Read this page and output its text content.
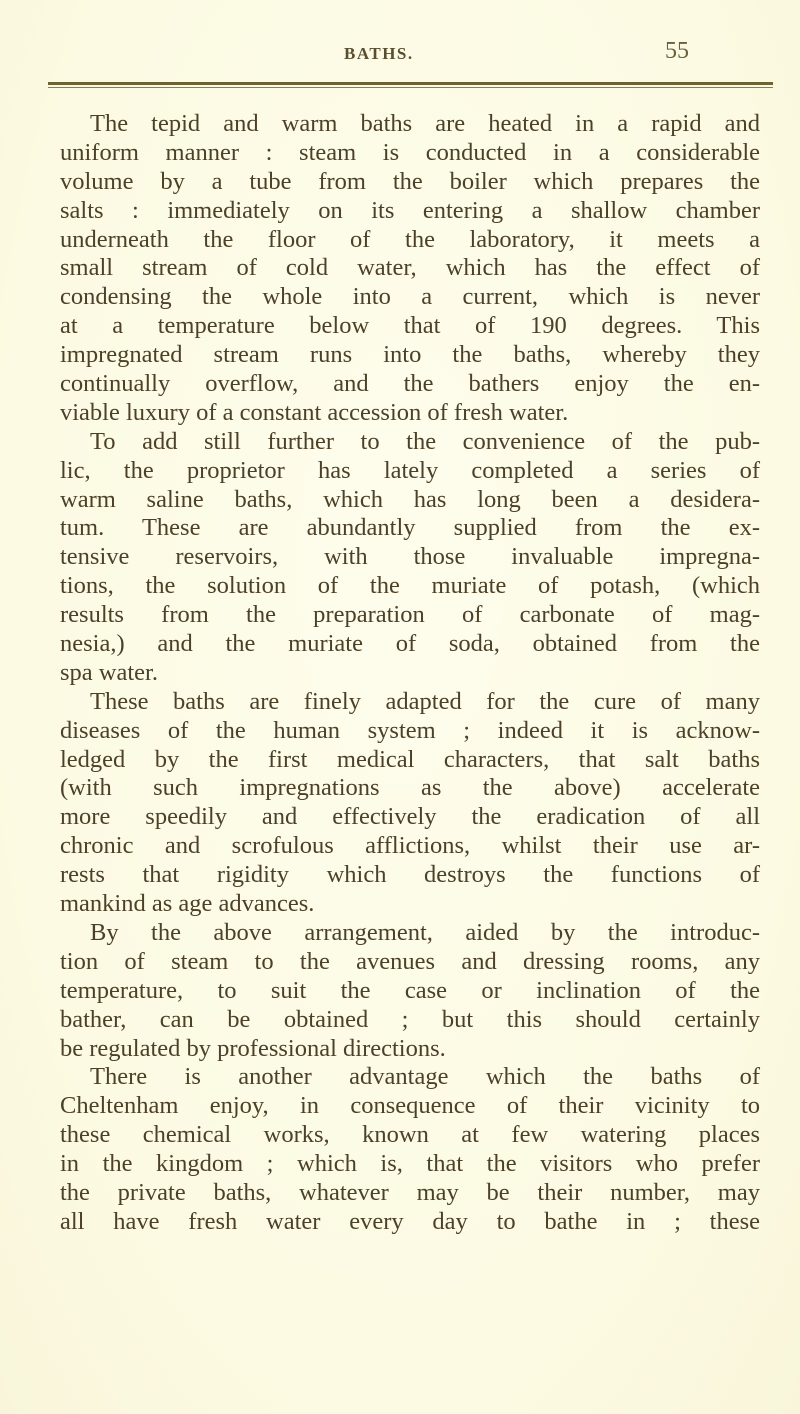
BATHS.	55
The tepid and warm baths are heated in a rapid and
uniform manner : steam is conducted in a considerable
volume by a tube from the boiler which prepares the
salts : immediately on its entering a shallow chamber
underneath the floor of the laboratory, it meets a
small stream of cold water, which has the effect of
condensing the whole into a current, which is never
at a temperature below that of 190 degrees. This
impregnated stream runs into the baths, whereby they
continually overflow, and the bathers enjoy the en-
viable luxury of a constant accession of fresh water.
To add still further to the convenience of the pub-
lic, the proprietor has lately completed a series of
warm saline baths, which has long been a desidera-
tum. These are abundantly supplied from the ex-
tensive reservoirs, with those invaluable impregna-
tions, the solution of the muriate of potash, (which
results from the preparation of carbonate of mag-
nesia,) and the muriate of soda, obtained from the
spa water.
These baths are finely adapted for the cure of many
diseases of the human system ; indeed it is acknow-
ledged by the first medical characters, that salt baths
(with such impregnations as the above) accelerate
more speedily and effectively the eradication of all
chronic and scrofulous afflictions, whilst their use ar-
rests that rigidity which destroys the functions of
mankind as age advances.
By the above arrangement, aided by the introduc-
tion of steam to the avenues and dressing rooms, any
temperature, to suit the case or inclination of the
bather, can be obtained ; but this should certainly
be regulated by professional directions.
There is another advantage which the baths of
Cheltenham enjoy, in consequence of their vicinity to
these chemical works, known at few watering places
in the kingdom ; which is, that the visitors who prefer
the private baths, whatever may be their number, may
all have fresh water every day to bathe in ; these
